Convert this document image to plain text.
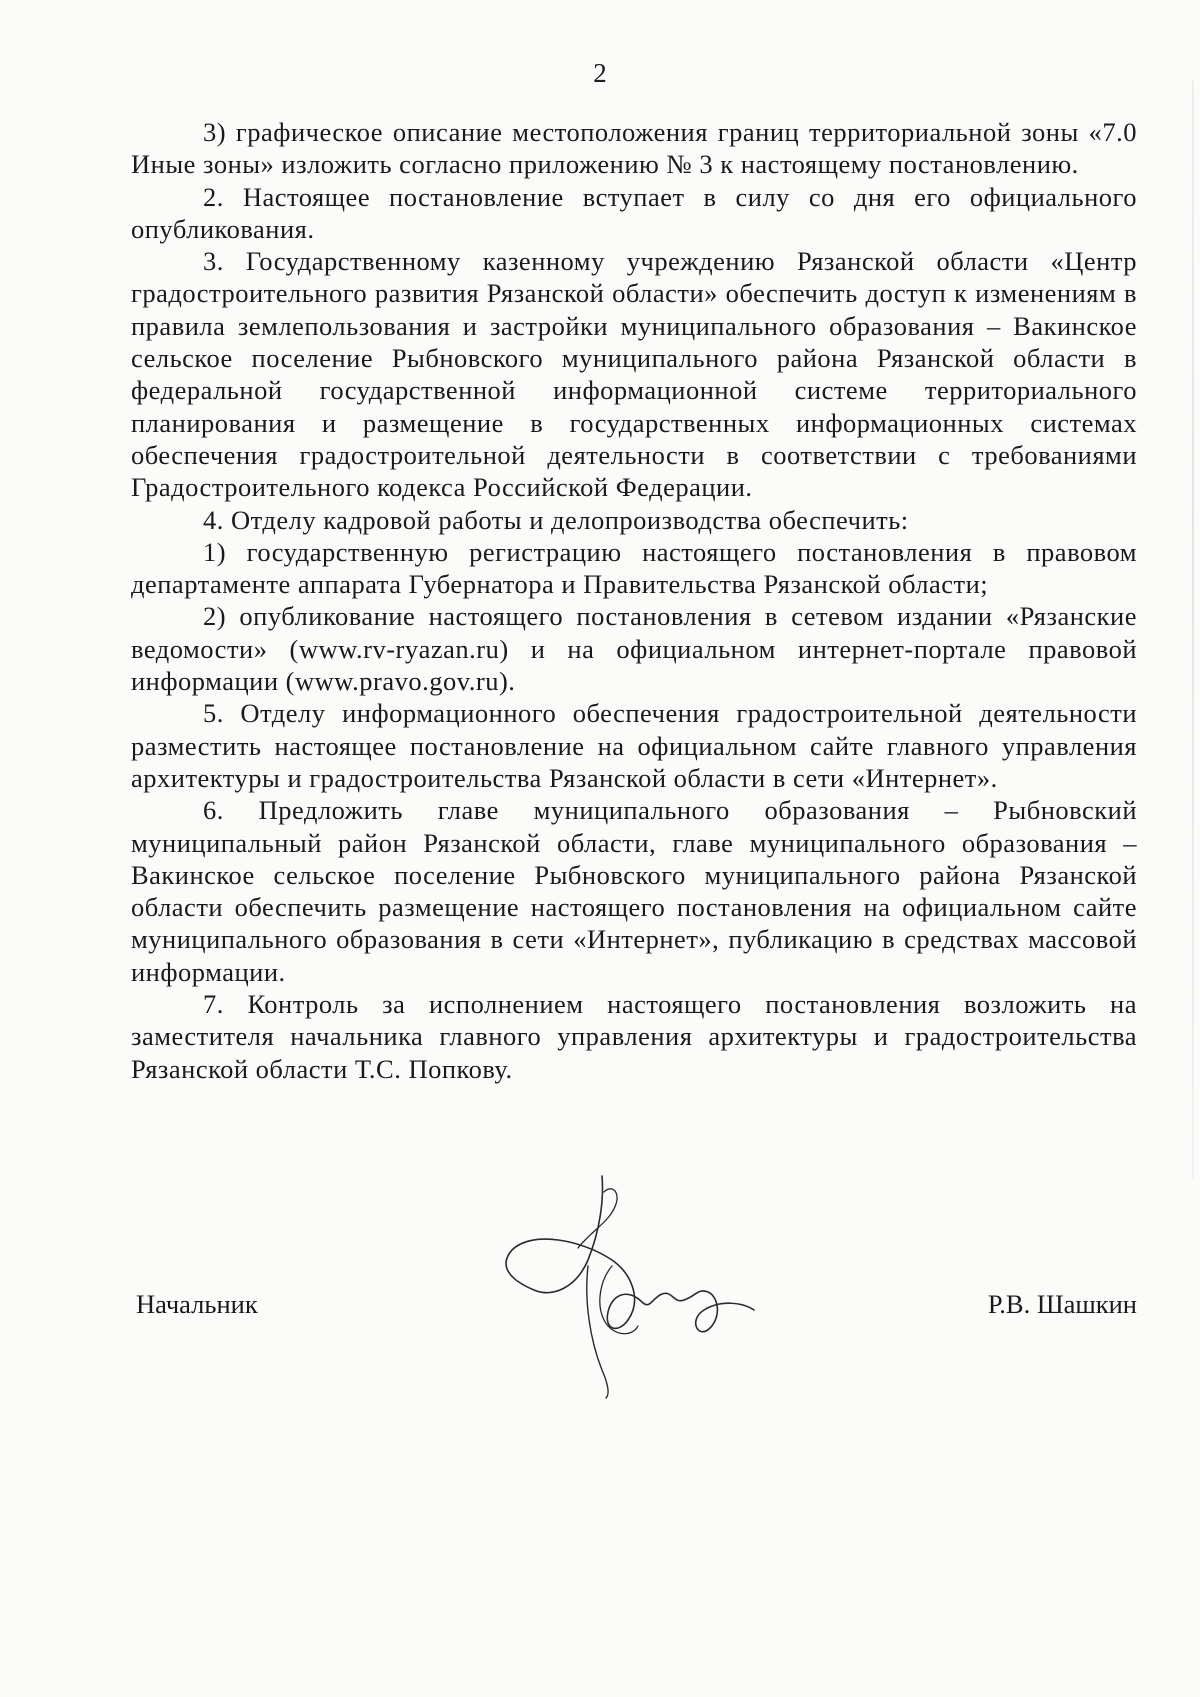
2

3) графическое описание местоположения границ территориальной зоны «7.0 Иные зоны» изложить согласно приложению № 3 к настоящему постановлению.

2. Настоящее постановление вступает в силу со дня его официального опубликования.

3. Государственному казенному учреждению Рязанской области «Центр градостроительного развития Рязанской области» обеспечить доступ к изменениям в правила землепользования и застройки муниципального образования – Вакинское сельское поселение Рыбновского муниципального района Рязанской области в федеральной государственной информационной системе территориального планирования и размещение в государственных информационных системах обеспечения градостроительной деятельности в соответствии с требованиями Градостроительного кодекса Российской Федерации.

4. Отделу кадровой работы и делопроизводства обеспечить:

1) государственную регистрацию настоящего постановления в правовом департаменте аппарата Губернатора и Правительства Рязанской области;

2) опубликование настоящего постановления в сетевом издании «Рязанские ведомости» (www.rv-ryazan.ru) и на официальном интернет-портале правовой информации (www.pravo.gov.ru).

5. Отделу информационного обеспечения градостроительной деятельности разместить настоящее постановление на официальном сайте главного управления архитектуры и градостроительства Рязанской области в сети «Интернет».

6. Предложить главе муниципального образования – Рыбновский муниципальный район Рязанской области, главе муниципального образования – Вакинское сельское поселение Рыбновского муниципального района Рязанской области обеспечить размещение настоящего постановления на официальном сайте муниципального образования в сети «Интернет», публикацию в средствах массовой информации.

7. Контроль за исполнением настоящего постановления возложить на заместителя начальника главного управления архитектуры и градостроительства Рязанской области Т.С. Попкову.

Начальник	Р.В. Шашкин
